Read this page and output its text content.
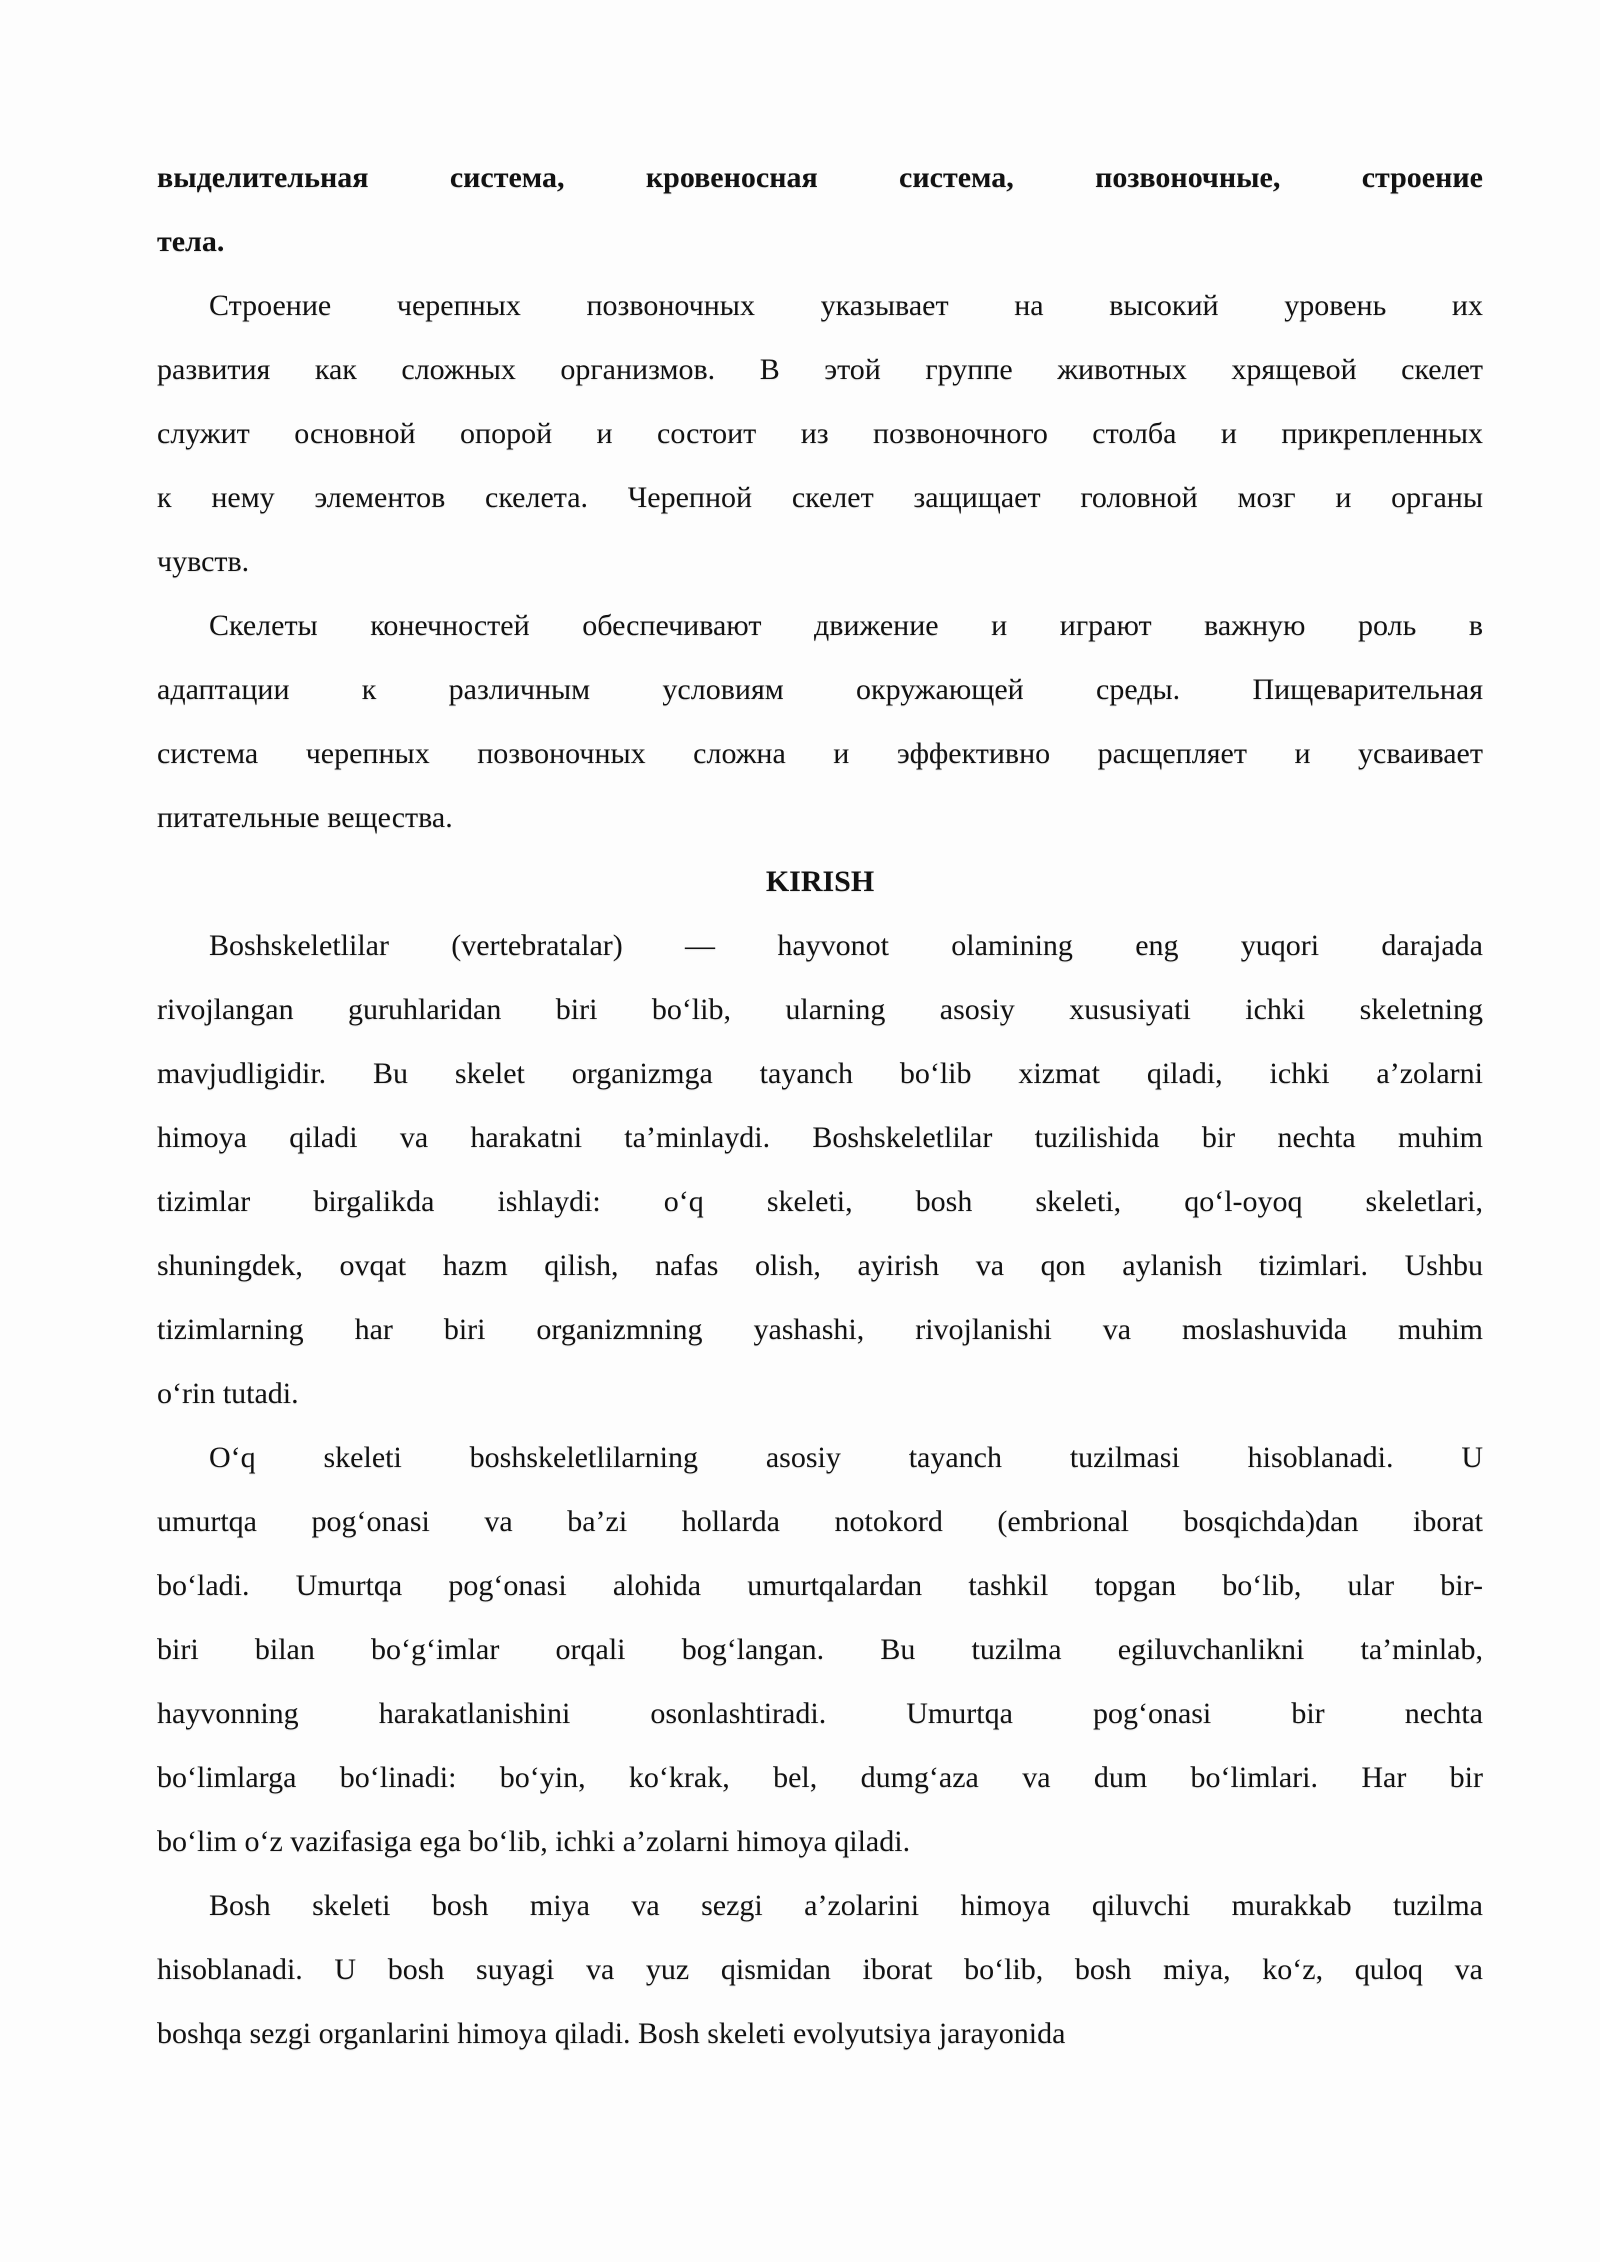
выделительная система, кровеносная система, позвоночные, строение
тела.
Строение черепных позвоночных указывает на высокий уровень их
развития как сложных организмов. В этой группе животных хрящевой скелет
служит основной опорой и состоит из позвоночного столба и прикрепленных
к нему элементов скелета. Черепной скелет защищает головной мозг и органы
чувств.
Скелеты конечностей обеспечивают движение и играют важную роль в
адаптации к различным условиям окружающей среды. Пищеварительная
система черепных позвоночных сложна и эффективно расщепляет и усваивает
питательные вещества.
KIRISH
Boshskeletlilar (vertebratalar) — hayvonot olamining eng yuqori darajada
rivojlangan guruhlaridan biri bo‘lib, ularning asosiy xususiyati ichki skeletning
mavjudligidir. Bu skelet organizmga tayanch bo‘lib xizmat qiladi, ichki a’zolarni
himoya qiladi va harakatni ta’minlaydi. Boshskeletlilar tuzilishida bir nechta muhim
tizimlar birgalikda ishlaydi: o‘q skeleti, bosh skeleti, qo‘l-oyoq skeletlari,
shuningdek, ovqat hazm qilish, nafas olish, ayirish va qon aylanish tizimlari. Ushbu
tizimlarning har biri organizmning yashashi, rivojlanishi va moslashuvida muhim
o‘rin tutadi.
O‘q skeleti boshskeletlilarning asosiy tayanch tuzilmasi hisoblanadi. U
umurtqa pog‘onasi va ba’zi hollarda notokord (embrional bosqichda)dan iborat
bo‘ladi. Umurtqa pog‘onasi alohida umurtqalardan tashkil topgan bo‘lib, ular bir-
biri bilan bo‘g‘imlar orqali bog‘langan. Bu tuzilma egiluvchanlikni ta’minlab,
hayvonning harakatlanishini osonlashtiradi. Umurtqa pog‘onasi bir nechta
bo‘limlarga bo‘linadi: bo‘yin, ko‘krak, bel, dumg‘aza va dum bo‘limlari. Har bir
bo‘lim o‘z vazifasiga ega bo‘lib, ichki a’zolarni himoya qiladi.
Bosh skeleti bosh miya va sezgi a’zolarini himoya qiluvchi murakkab tuzilma
hisoblanadi. U bosh suyagi va yuz qismidan iborat bo‘lib, bosh miya, ko‘z, quloq va
boshqa sezgi organlarini himoya qiladi. Bosh skeleti evolyutsiya jarayonida
